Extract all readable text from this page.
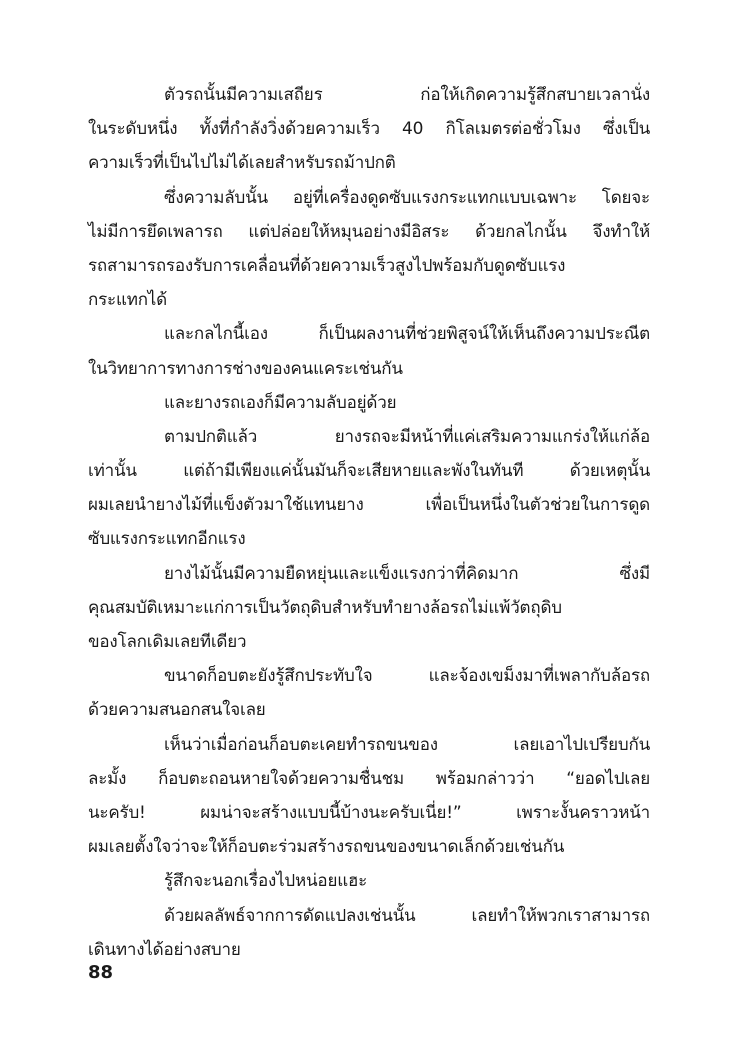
ตัวรถนั้นมีความเสถียร ก่อให้เกิดความรู้สึกสบายเวลานั่ง
ในระดับหนึ่ง ทั้งที่กำลังวิ่งด้วยความเร็ว 40 กิโลเมตรต่อชั่วโมง ซึ่งเป็น
ความเร็วที่เป็นไปไม่ได้เลยสำหรับรถม้าปกติ
ซึ่งความลับนั้น อยู่ที่เครื่องดูดซับแรงกระแทกแบบเฉพาะ โดยจะ
ไม่มีการยึดเพลารถ แต่ปล่อยให้หมุนอย่างมีอิสระ ด้วยกลไกนั้น จึงทำให้
รถสามารถรองรับการเคลื่อนที่ด้วยความเร็วสูงไปพร้อมกับดูดซับแรง
กระแทกได้
และกลไกนี้เอง ก็เป็นผลงานที่ช่วยพิสูจน์ให้เห็นถึงความประณีต
ในวิทยาการทางการช่างของคนแคระเช่นกัน
และยางรถเองก็มีความลับอยู่ด้วย
ตามปกติแล้ว ยางรถจะมีหน้าที่แค่เสริมความแกร่งให้แก่ล้อ
เท่านั้น แต่ถ้ามีเพียงแค่นั้นมันก็จะเสียหายและพังในทันที ด้วยเหตุนั้น
ผมเลยนำยางไม้ที่แข็งตัวมาใช้แทนยาง เพื่อเป็นหนึ่งในตัวช่วยในการดูด
ซับแรงกระแทกอีกแรง
ยางไม้นั้นมีความยืดหยุ่นและแข็งแรงกว่าที่คิดมาก ซึ่งมี
คุณสมบัติเหมาะแก่การเป็นวัตถุดิบสำหรับทำยางล้อรถไม่แพ้วัตถุดิบ
ของโลกเดิมเลยทีเดียว
ขนาดก็อบตะยังรู้สึกประทับใจ และจ้องเขม็งมาที่เพลากับล้อรถ
ด้วยความสนอกสนใจเลย
เห็นว่าเมื่อก่อนก็อบตะเคยทำรถขนของ เลยเอาไปเปรียบกัน
ละมั้ง ก็อบตะถอนหายใจด้วยความชื่นชม พร้อมกล่าวว่า “ยอดไปเลย
นะครับ! ผมน่าจะสร้างแบบนี้บ้างนะครับเนี่ย!” เพราะงั้นคราวหน้า
ผมเลยตั้งใจว่าจะให้ก็อบตะร่วมสร้างรถขนของขนาดเล็กด้วยเช่นกัน
รู้สึกจะนอกเรื่องไปหน่อยแฮะ
ด้วยผลลัพธ์จากการดัดแปลงเช่นนั้น เลยทำให้พวกเราสามารถ
เดินทางได้อย่างสบาย
88
